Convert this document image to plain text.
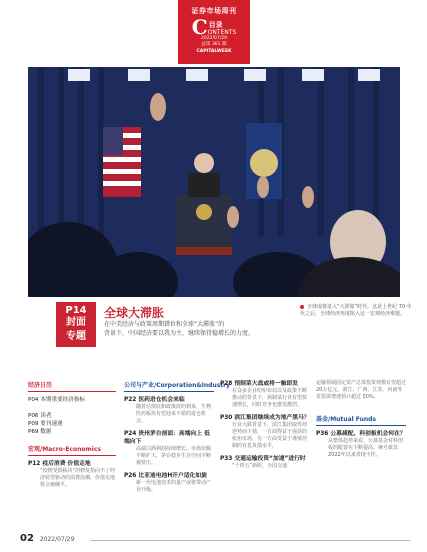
证券市场周刊
C 目录
ONTENTS
2022/07/29
总第 361 期
CAPITALWEEK
P14
封面
专题
全球大滞胀
在中美经济与政策周期错位和全球“大滞胀”的
背景下，中国经济要以我为主，继续保持稳增长的力度。
全球或将进入“大滞胀”时代，这是上世纪 70 年代之后，全球经济再度陷入这一宏观经济难题。
经济日历
P04 本期重要经济指标
P06 读者
P09 要刊速递
P69 数据
宏观/Macro-Economics
P12 疫后消费 价值走地
“疫情受损板块”的修复指向不了经济转型驱动的消费浪潮，价值走地将会被确平。
公司与产业/Corporation&Industry
P22 医药进仓机会来临
随着估值底和政策底的到来，生物医药板块有望迎来不错的进仓机会。
P24 贵州茅台剖面：高端向上 低端向下
高端白酒利润持续增长，市场份额不断扩大，茅台稳步生存空间不断被挤压。
P26 比亚迪电池H开户适化如旋
新一代电池技术的量产或将带动产业升级。
P28 预制菜大战或将一触即发
在众多企业纷纷布局以及政策不断推动的背景下，预制菜行业有望快速增长，同时竞争也愈发激烈。
P30 滨江集团继续成为地产黑马？
行业大跌背景下，滨江集团取得却逆势而下扬，一方面得益于强劲的杭州市场，另一方面受益于谨慎控制的有息负债水平。
P33 交通运输投资“加速”进行时
“十四五”新阶，全国交通
运输领域固定资产总体投资规模有望超过 20万亿元，浙江、广西、江苏、河南等省投资增速预计超过 50%。
基金/Mutual Funds
P36 公募减配，科创板机会何在？
从整体趋势来看，公募基金对科创板的配置在不断提高。统号致其 2022年以来表现不佳。
02 2022/07/29
